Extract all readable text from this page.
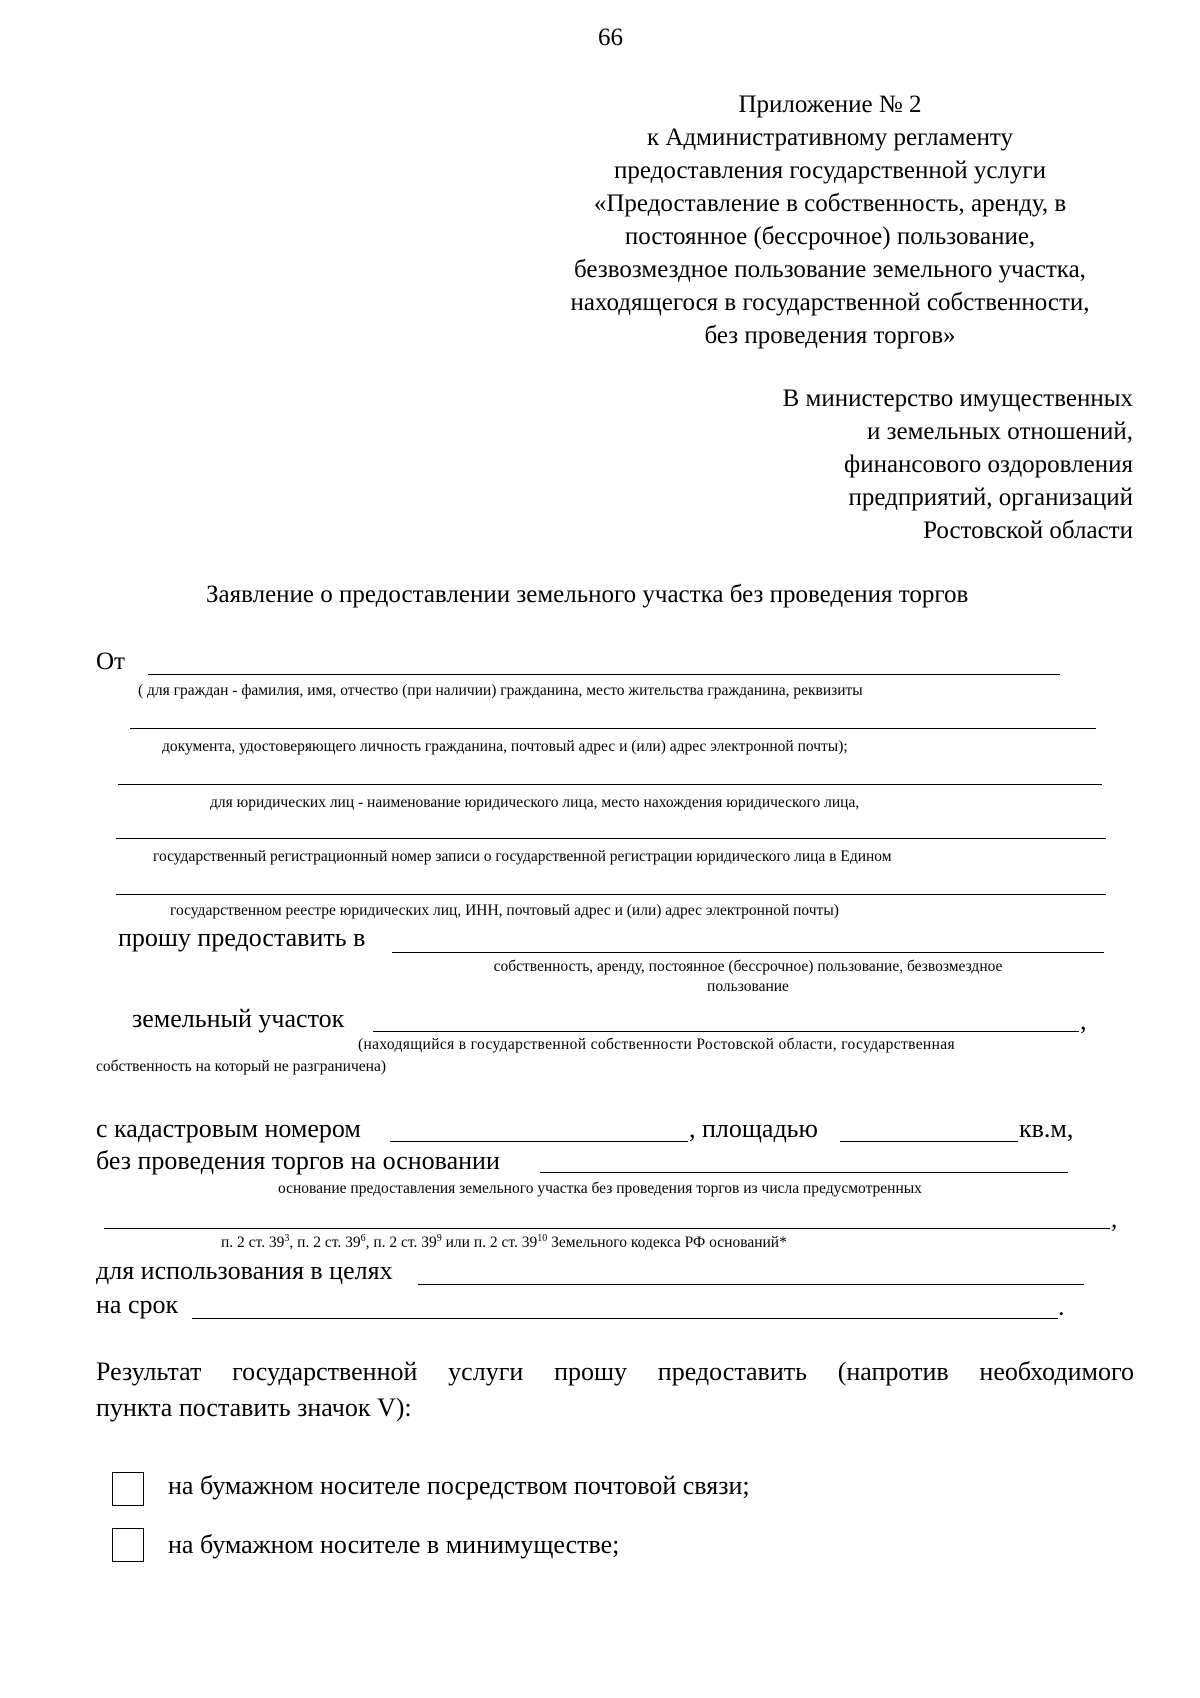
66
Приложение № 2
к Административному регламенту
предоставления государственной услуги
«Предоставление в собственность, аренду, в
постоянное (бессрочное) пользование,
безвозмездное пользование земельного участка,
находящегося в государственной собственности,
без проведения торгов»
В министерство имущественных
и земельных отношений,
финансового оздоровления
предприятий, организаций
Ростовской области
Заявление о предоставлении земельного участка без проведения торгов
От
( для граждан - фамилия, имя, отчество (при наличии) гражданина, место жительства гражданина, реквизиты
документа, удостоверяющего личность гражданина, почтовый адрес и (или) адрес электронной почты);
для юридических лиц - наименование юридического лица, место нахождения юридического лица,
государственный регистрационный номер записи о государственной регистрации юридического лица в Едином
государственном реестре юридических лиц, ИНН, почтовый адрес и (или) адрес электронной почты)
прошу предоставить в
собственность, аренду, постоянное (бессрочное) пользование, безвозмездное
пользование
земельный участок	,
(находящийся в государственной собственности Ростовской области, государственная
собственность на который не разграничена)
с кадастровым номером	, площадью	кв.м,
без проведения торгов на основании
основание предоставления земельного участка без проведения торгов из числа предусмотренных
,
п. 2 ст. $39^3$, п. 2 ст. $39^6$, п. 2 ст. $39^9$ или п. 2 ст. $39^{10}$ Земельного кодекса РФ оснований*
для использования в целях
на срок	.
Результат государственной услуги прошу предоставить (напротив необходимого
пункта поставить значок V):
на бумажном носителе посредством почтовой связи;
на бумажном носителе в минимуществе;
